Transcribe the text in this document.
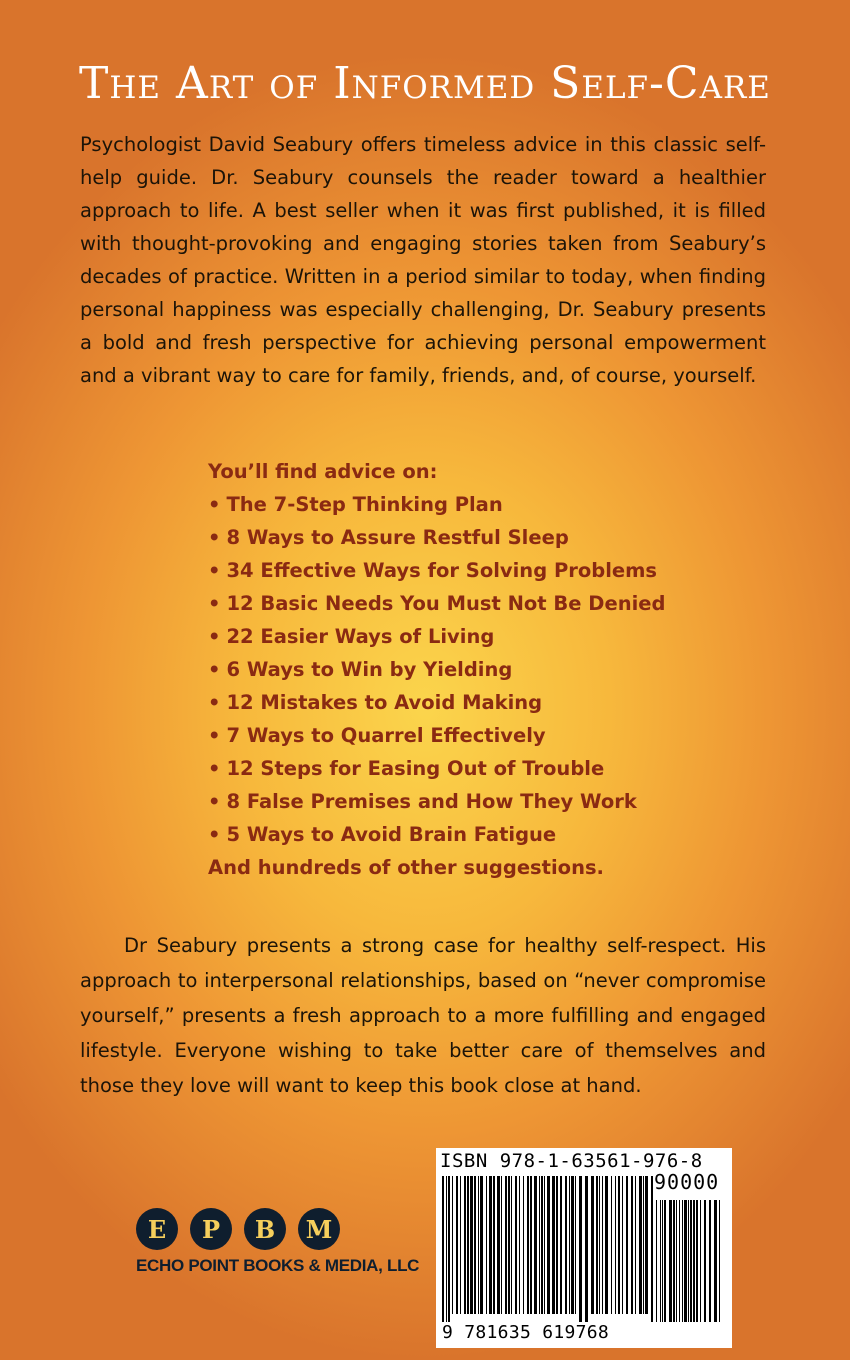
The Art of Informed Self-Care

Psychologist David Seabury offers timeless advice in this classic self-help guide. Dr. Seabury counsels the reader toward a healthier approach to life. A best seller when it was first published, it is filled with thought-provoking and engaging stories taken from Seabury’s decades of practice. Written in a period similar to today, when finding personal happiness was especially challenging, Dr. Seabury presents a bold and fresh perspective for achieving personal empowerment and a vibrant way to care for family, friends, and, of course, yourself.

You’ll find advice on:
• The 7-Step Thinking Plan
• 8 Ways to Assure Restful Sleep
• 34 Effective Ways for Solving Problems
• 12 Basic Needs You Must Not Be Denied
• 22 Easier Ways of Living
• 6 Ways to Win by Yielding
• 12 Mistakes to Avoid Making
• 7 Ways to Quarrel Effectively
• 12 Steps for Easing Out of Trouble
• 8 False Premises and How They Work
• 5 Ways to Avoid Brain Fatigue
And hundreds of other suggestions.

Dr Seabury presents a strong case for healthy self-respect. His approach to interpersonal relationships, based on “never compromise yourself,” presents a fresh approach to a more fulfilling and engaged lifestyle. Everyone wishing to take better care of themselves and those they love will want to keep this book close at hand.

E	P	B	M
ECHO POINT BOOKS & MEDIA, LLC
ISBN 978-1-63561-976-8
90000
9 781635 619768
